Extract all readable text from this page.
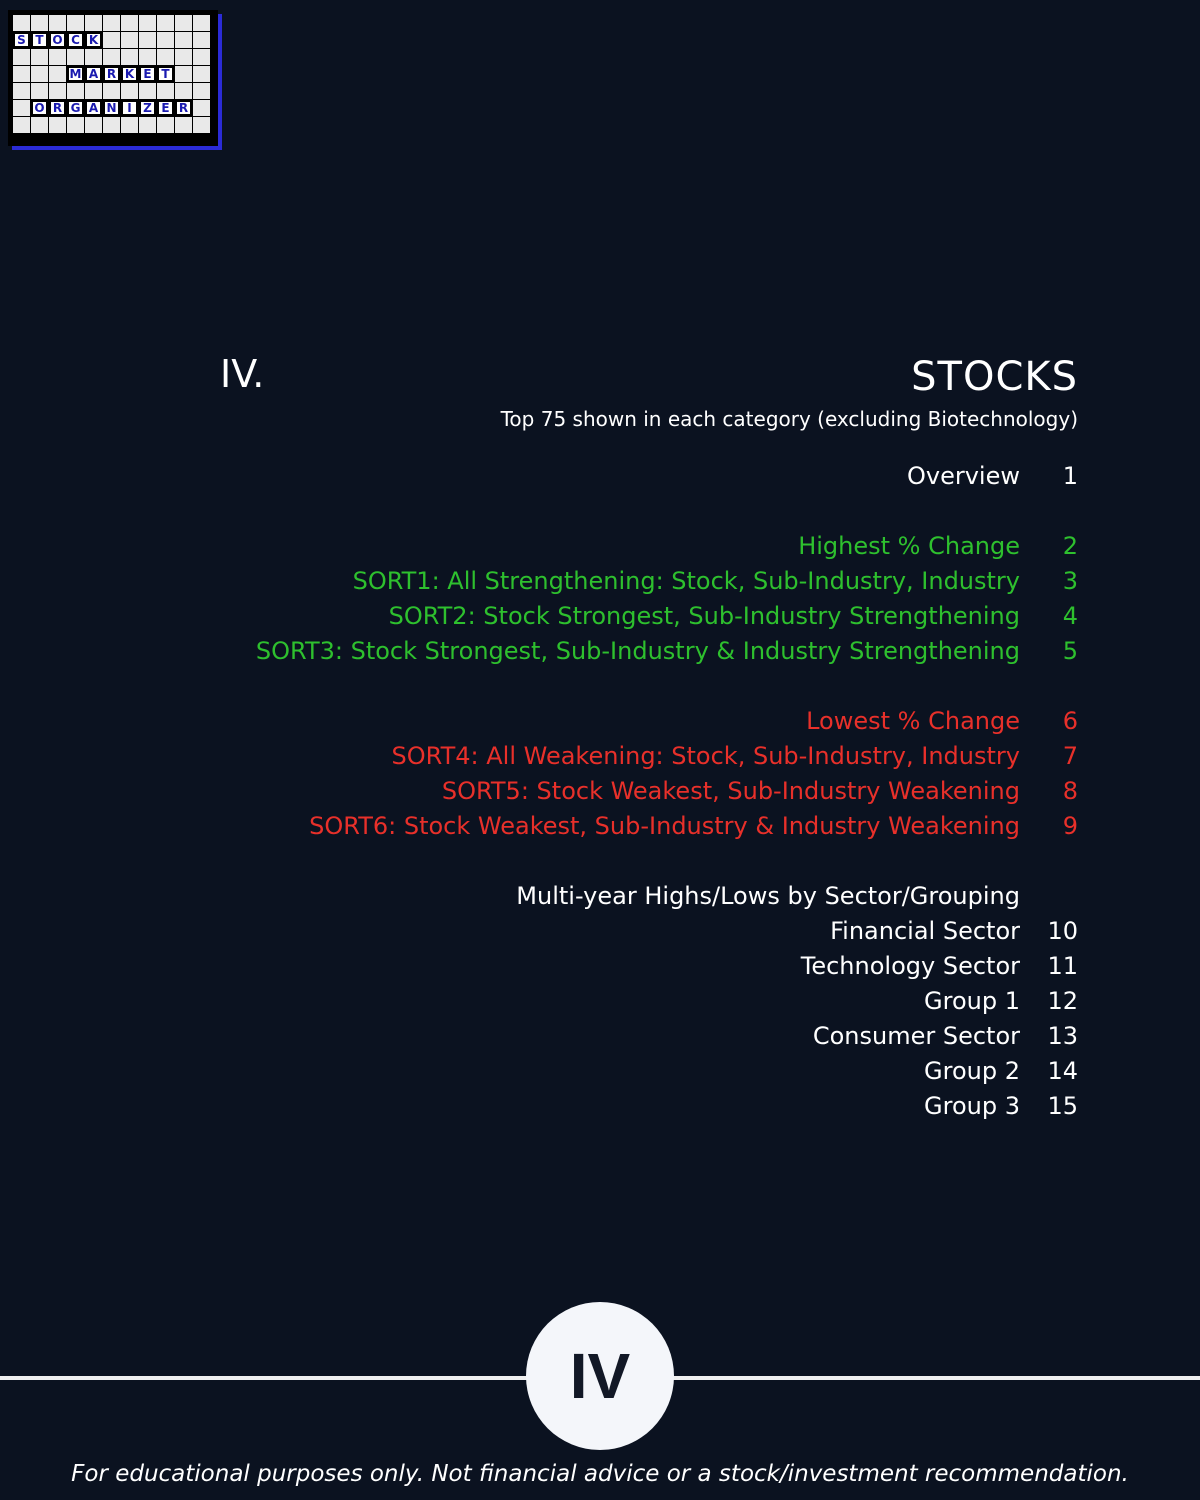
S T O C K
M A R K E T
O R G A N I Z E R
IV.	STOCKS
Top 75 shown in each category (excluding Biotechnology)
Overview	1
Highest % Change	2
SORT1: All Strengthening: Stock, Sub-Industry, Industry	3
SORT2: Stock Strongest, Sub-Industry Strengthening	4
SORT3: Stock Strongest, Sub-Industry & Industry Strengthening	5
Lowest % Change	6
SORT4: All Weakening: Stock, Sub-Industry, Industry	7
SORT5: Stock Weakest, Sub-Industry Weakening	8
SORT6: Stock Weakest, Sub-Industry & Industry Weakening	9
Multi-year Highs/Lows by Sector/Grouping
Financial Sector	10
Technology Sector	11
Group 1	12
Consumer Sector	13
Group 2	14
Group 3	15
IV
For educational purposes only. Not financial advice or a stock/investment recommendation.
